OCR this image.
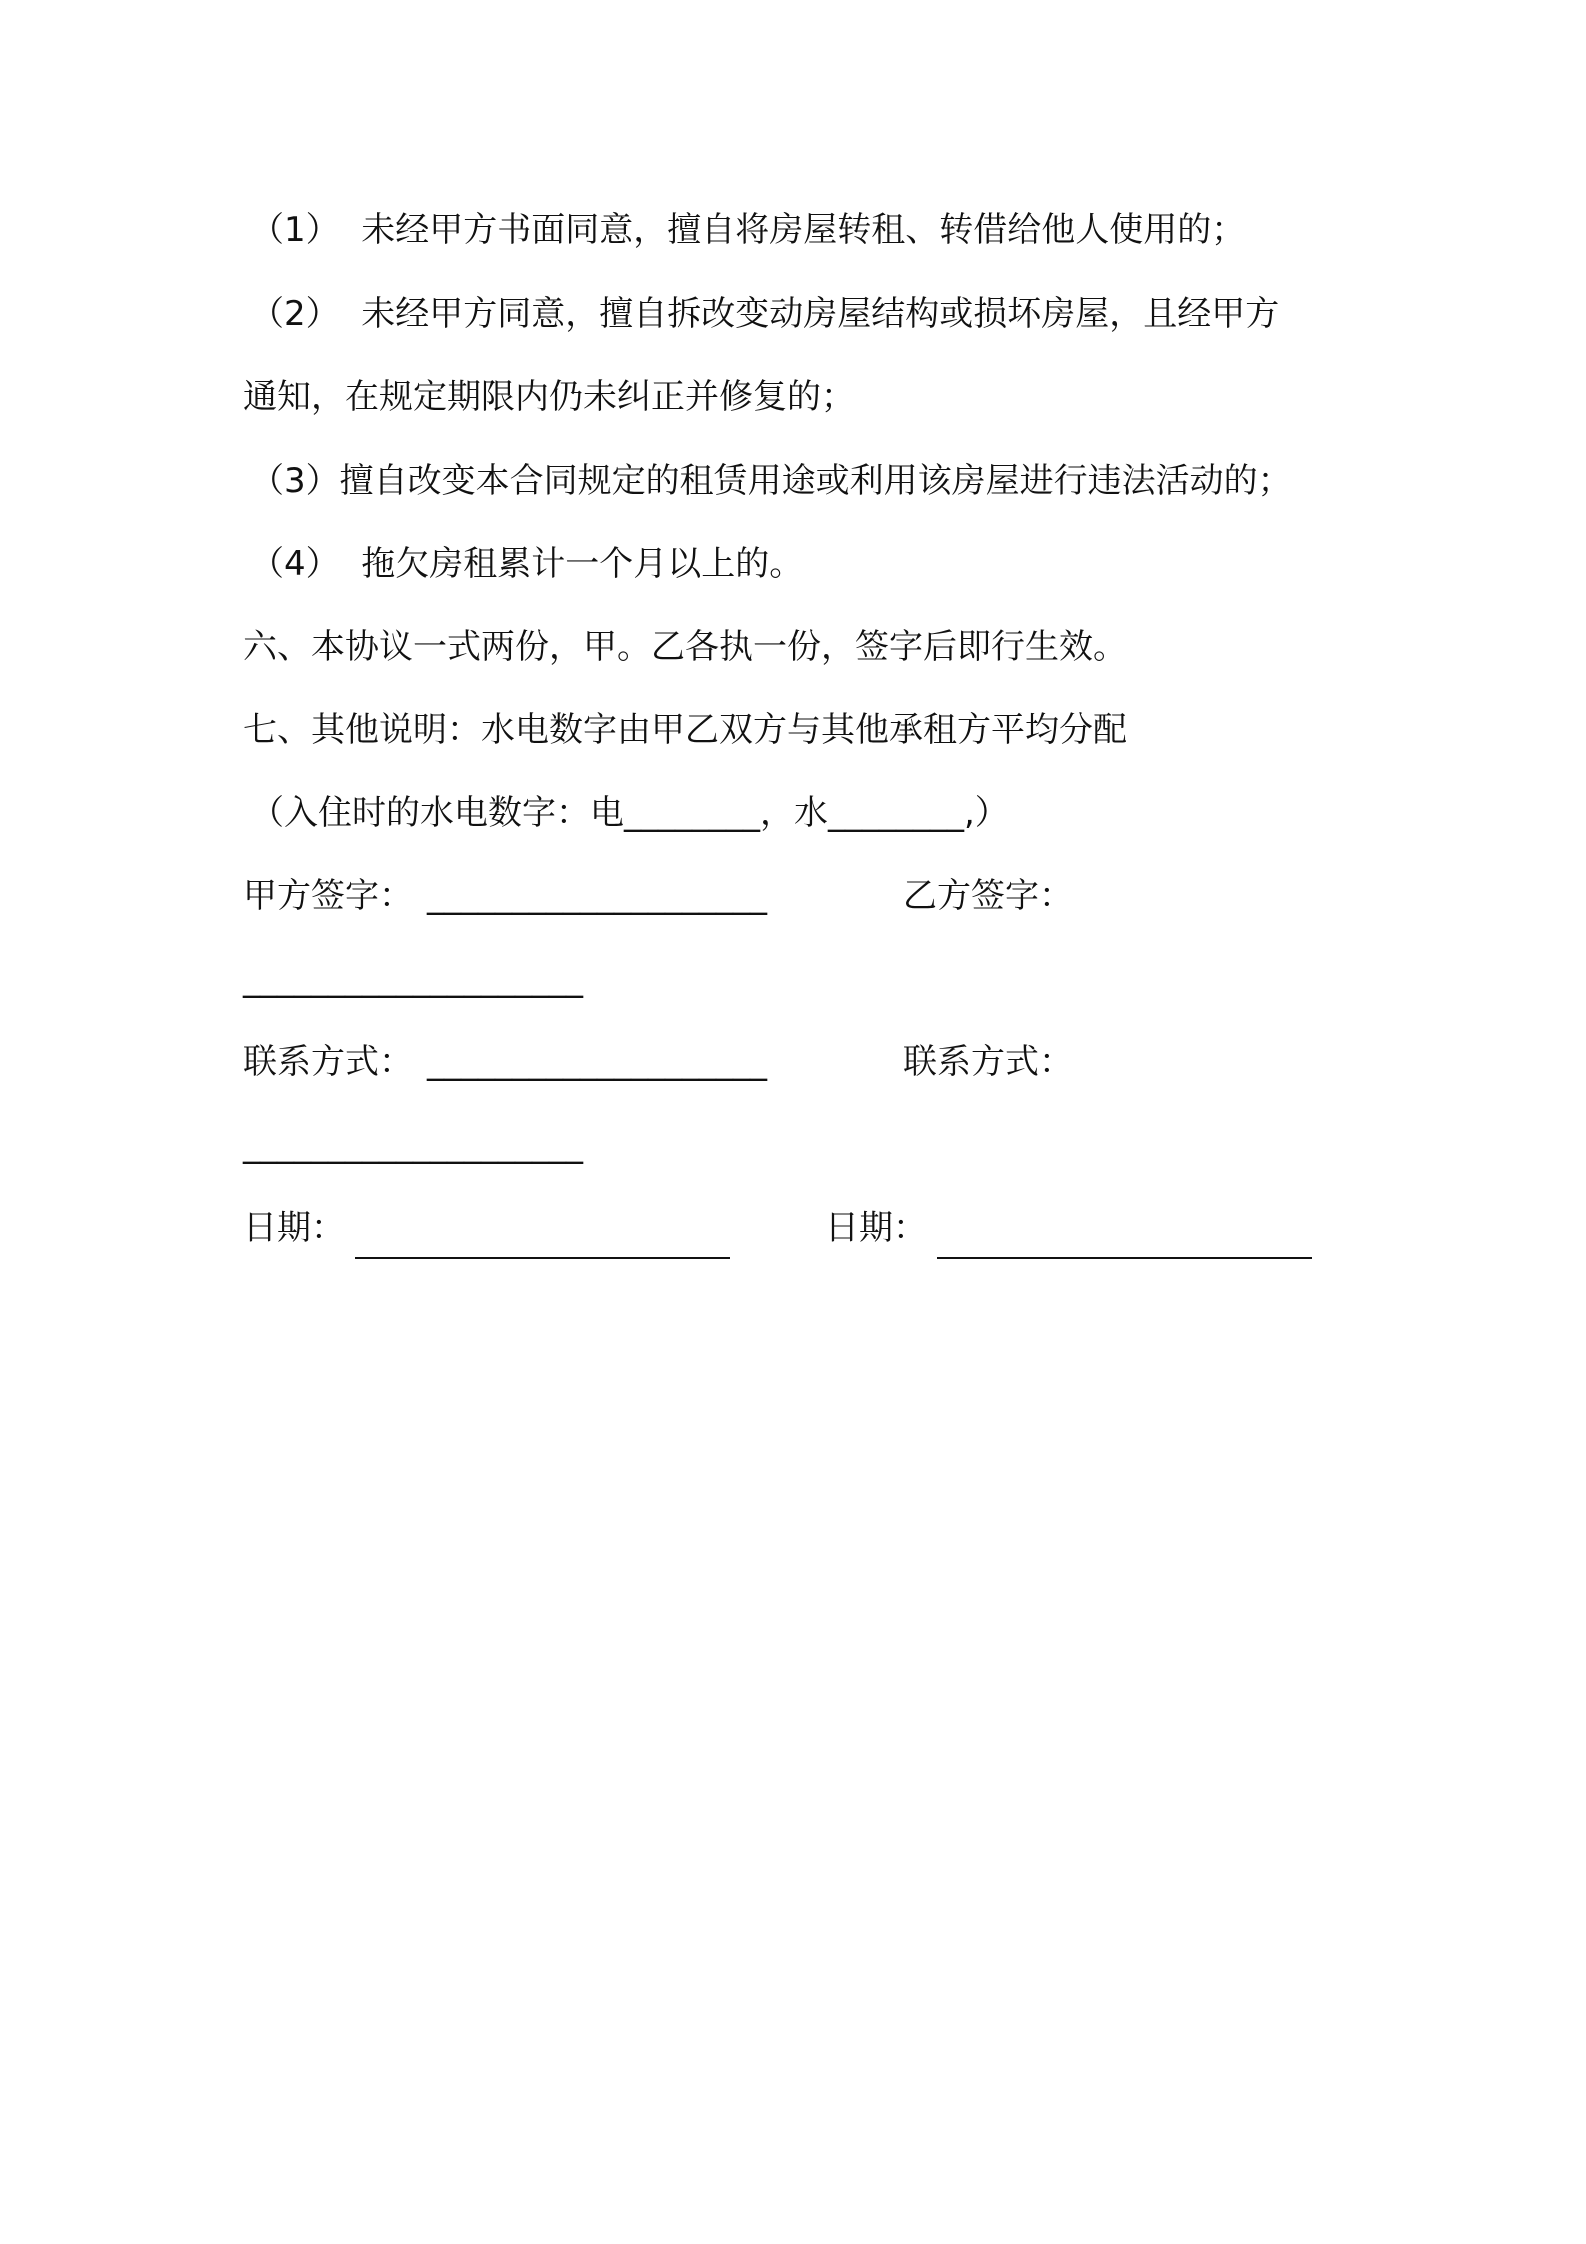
（1）  未经甲方书面同意，擅自将房屋转租、转借给他人使用的；
（2）  未经甲方同意，擅自拆改变动房屋结构或损坏房屋，且经甲方
通知，在规定期限内仍未纠正并修复的；
（3）擅自改变本合同规定的租赁用途或利用该房屋进行违法活动的；
（4）  拖欠房租累计一个月以上的。
六、本协议一式两份，甲。乙各执一份，签字后即行生效。
七、其他说明：水电数字由甲乙双方与其他承租方平均分配
（入住时的水电数字：电________，水________,）
甲方签字： ____________________	乙方签字：
____________________
联系方式： ____________________	联系方式：
____________________
日期：	日期：
